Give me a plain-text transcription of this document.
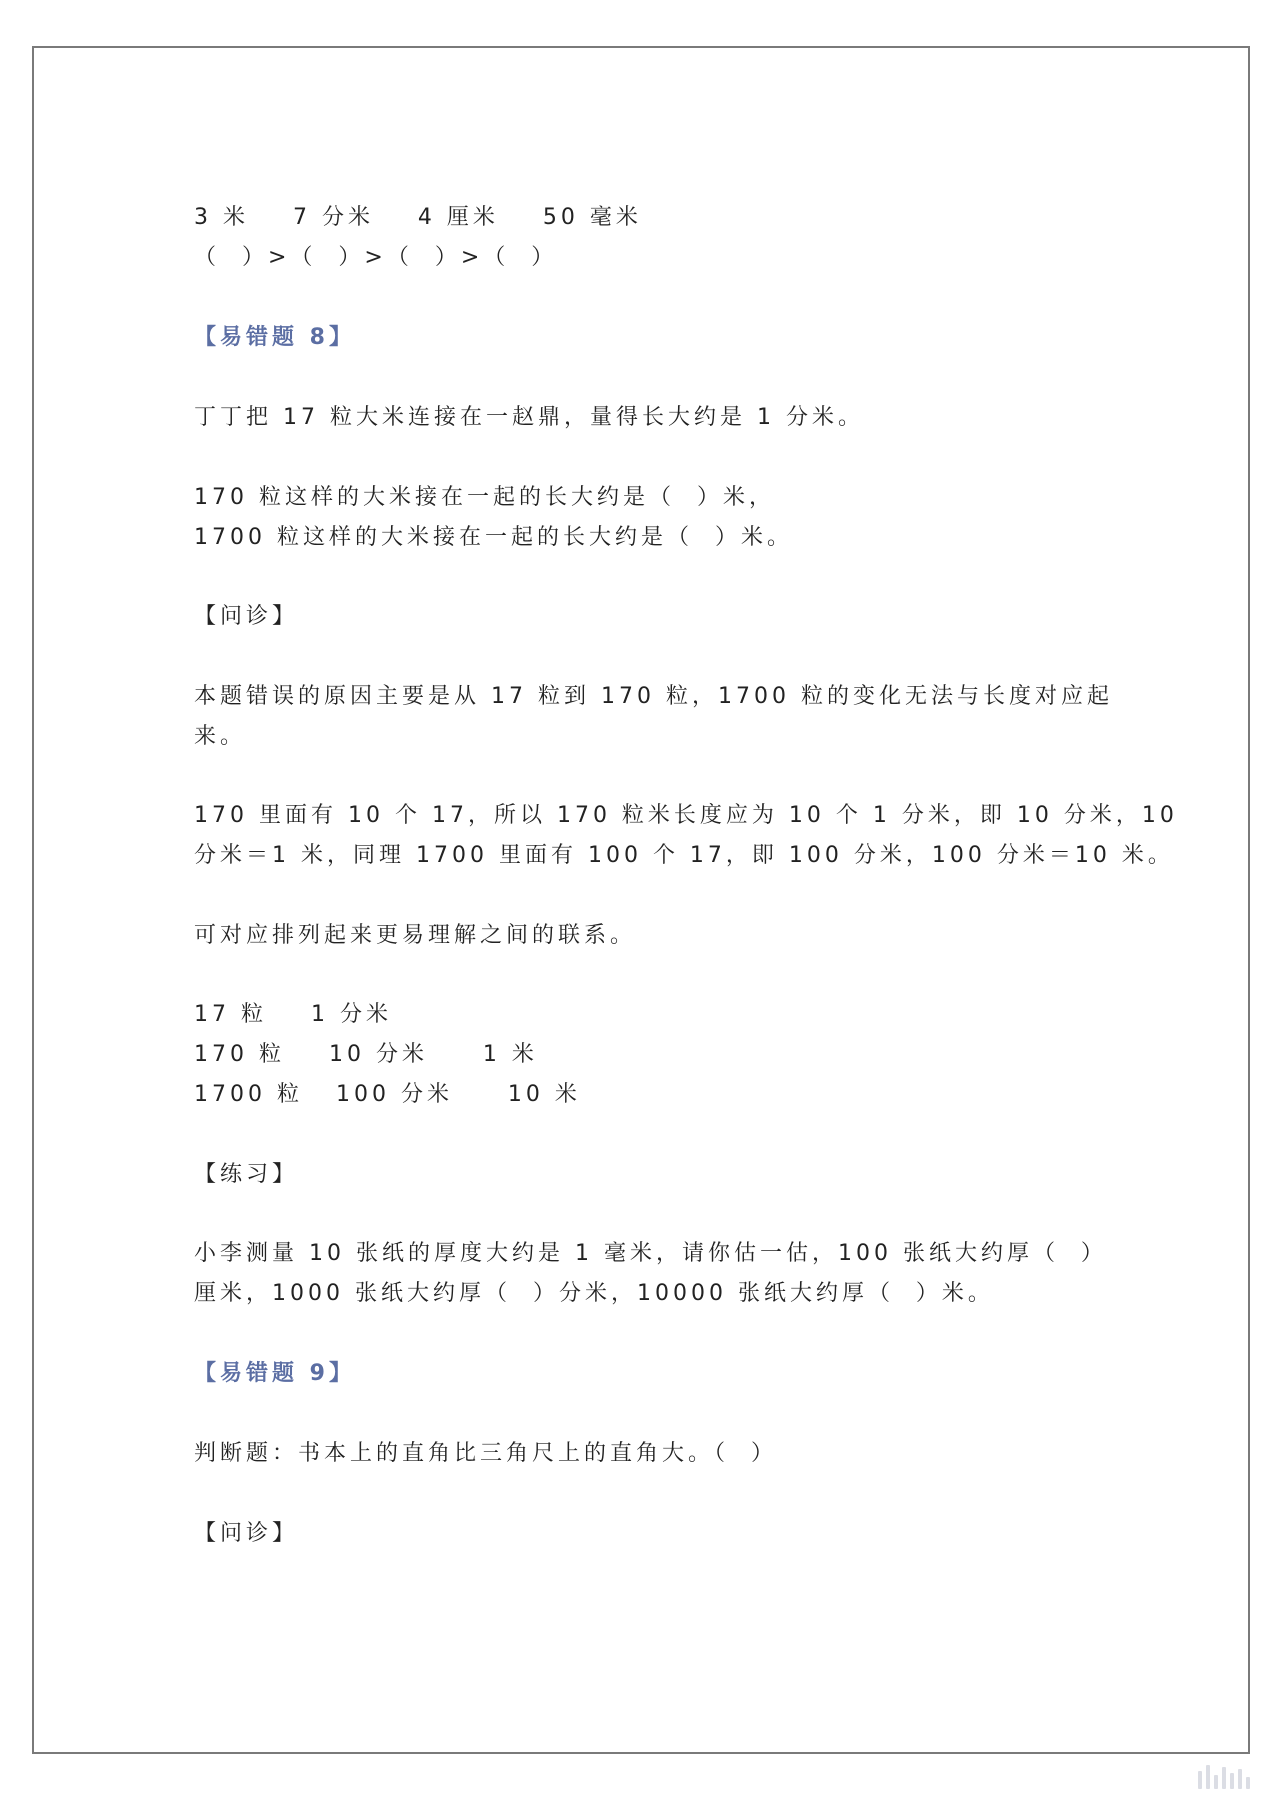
3 米    7 分米    4 厘米    50 毫米
（  ）>（  ）>（  ）>（  ）
【易错题 8】
丁丁把 17 粒大米连接在一赵鼎，量得长大约是 1 分米。
170 粒这样的大米接在一起的长大约是（  ）米，
1700 粒这样的大米接在一起的长大约是（  ）米。
【问诊】
本题错误的原因主要是从 17 粒到 170 粒，1700 粒的变化无法与长度对应起
来。
170 里面有 10 个 17，所以 170 粒米长度应为 10 个 1 分米，即 10 分米，10
分米＝1 米，同理 1700 里面有 100 个 17，即 100 分米，100 分米＝10 米。
可对应排列起来更易理解之间的联系。
17 粒    1 分米
170 粒    10 分米     1 米
1700 粒   100 分米     10 米
【练习】
小李测量 10 张纸的厚度大约是 1 毫米，请你估一估，100 张纸大约厚（  ）
厘米，1000 张纸大约厚（  ）分米，10000 张纸大约厚（  ）米。
【易错题 9】
判断题：书本上的直角比三角尺上的直角大。（  ）
【问诊】
